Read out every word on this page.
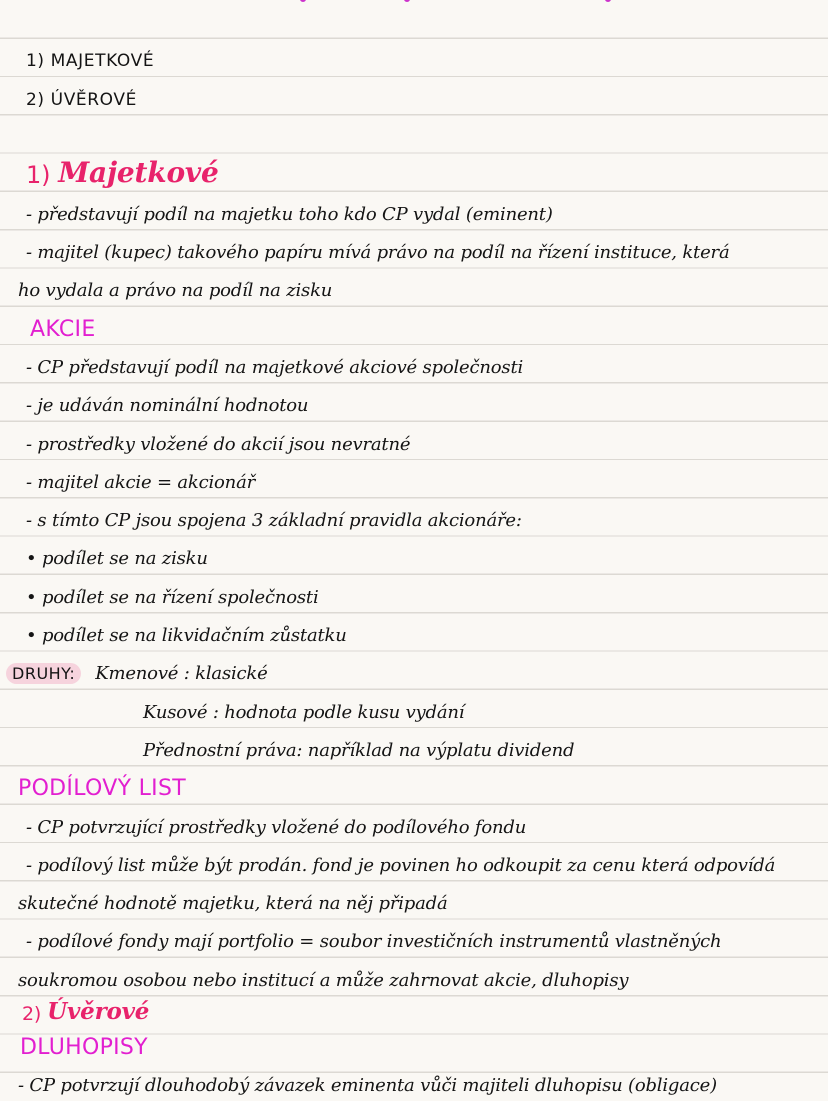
1) MAJETKOVÉ
2) ÚVĚROVÉ
1) Majetkové
- představují podíl na majetku toho kdo CP vydal (eminent)
- majitel (kupec) takového papíru mívá právo na podíl na řízení instituce, která
ho vydala a právo na podíl na zisku
AKCIE
- CP představují podíl na majetkové akciové společnosti
- je udáván nominální hodnotou
- prostředky vložené do akcií jsou nevratné
- majitel akcie = akcionář
- s tímto CP jsou spojena 3 základní pravidla akcionáře:
• podílet se na zisku
• podílet se na řízení společnosti
• podílet se na likvidačním zůstatku
DRUHY:	Kmenové : klasické
Kusové : hodnota podle kusu vydání
Přednostní práva: například na výplatu dividend
PODÍLOVÝ LIST
- CP potvrzující prostředky vložené do podílového fondu
- podílový list může být prodán. fond je povinen ho odkoupit za cenu která odpovídá
skutečné hodnotě majetku, která na něj připadá
- podílové fondy mají portfolio = soubor investičních instrumentů vlastněných
soukromou osobou nebo institucí a může zahrnovat akcie, dluhopisy
2) Úvěrové
DLUHOPISY
- CP potvrzují dlouhodobý závazek eminenta vůči majiteli dluhopisu (obligace)
